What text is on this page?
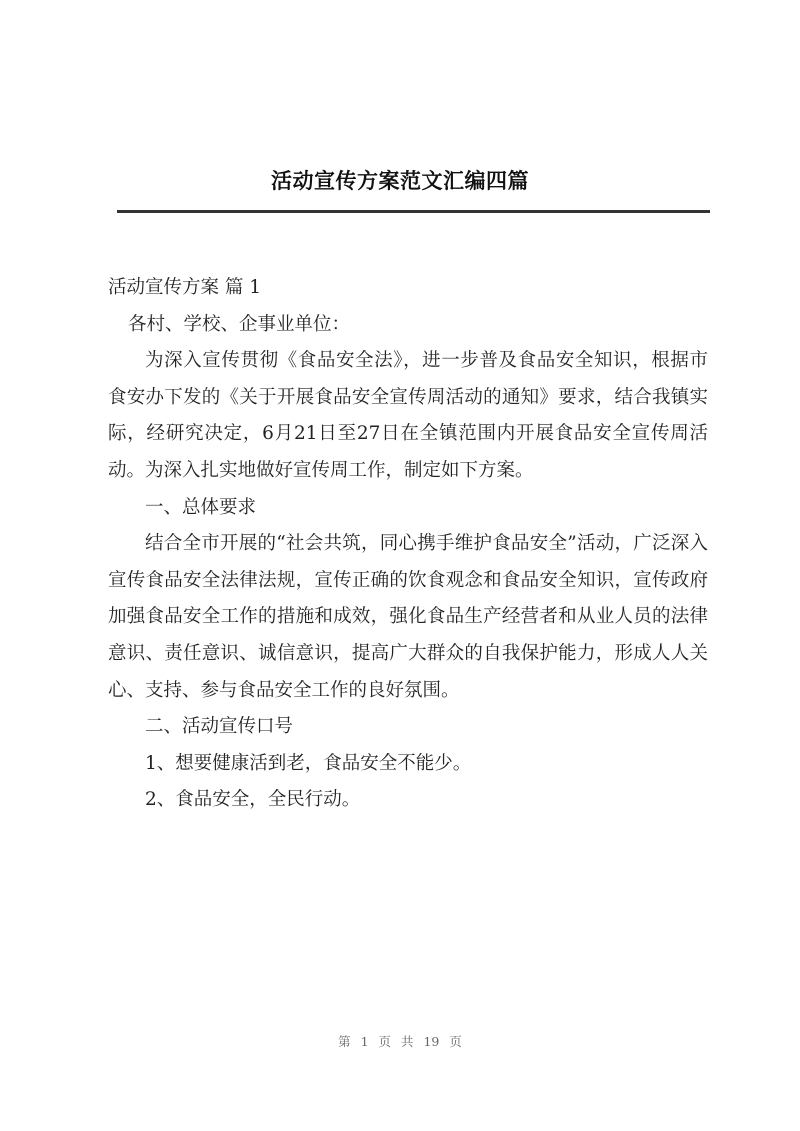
活动宣传方案范文汇编四篇

活动宣传方案 篇 1

各村、学校、企事业单位：

为深入宣传贯彻《食品安全法》，进一步普及食品安全知识，根据市食安办下发的《关于开展食品安全宣传周活动的通知》要求，结合我镇实际，经研究决定，6月21日至27日在全镇范围内开展食品安全宣传周活动。为深入扎实地做好宣传周工作，制定如下方案。

一、总体要求

结合全市开展的“社会共筑，同心携手维护食品安全”活动，广泛深入宣传食品安全法律法规，宣传正确的饮食观念和食品安全知识，宣传政府加强食品安全工作的措施和成效，强化食品生产经营者和从业人员的法律意识、责任意识、诚信意识，提高广大群众的自我保护能力，形成人人关心、支持、参与食品安全工作的良好氛围。

二、活动宣传口号

1、想要健康活到老，食品安全不能少。

2、食品安全，全民行动。

第 1 页 共 19 页
